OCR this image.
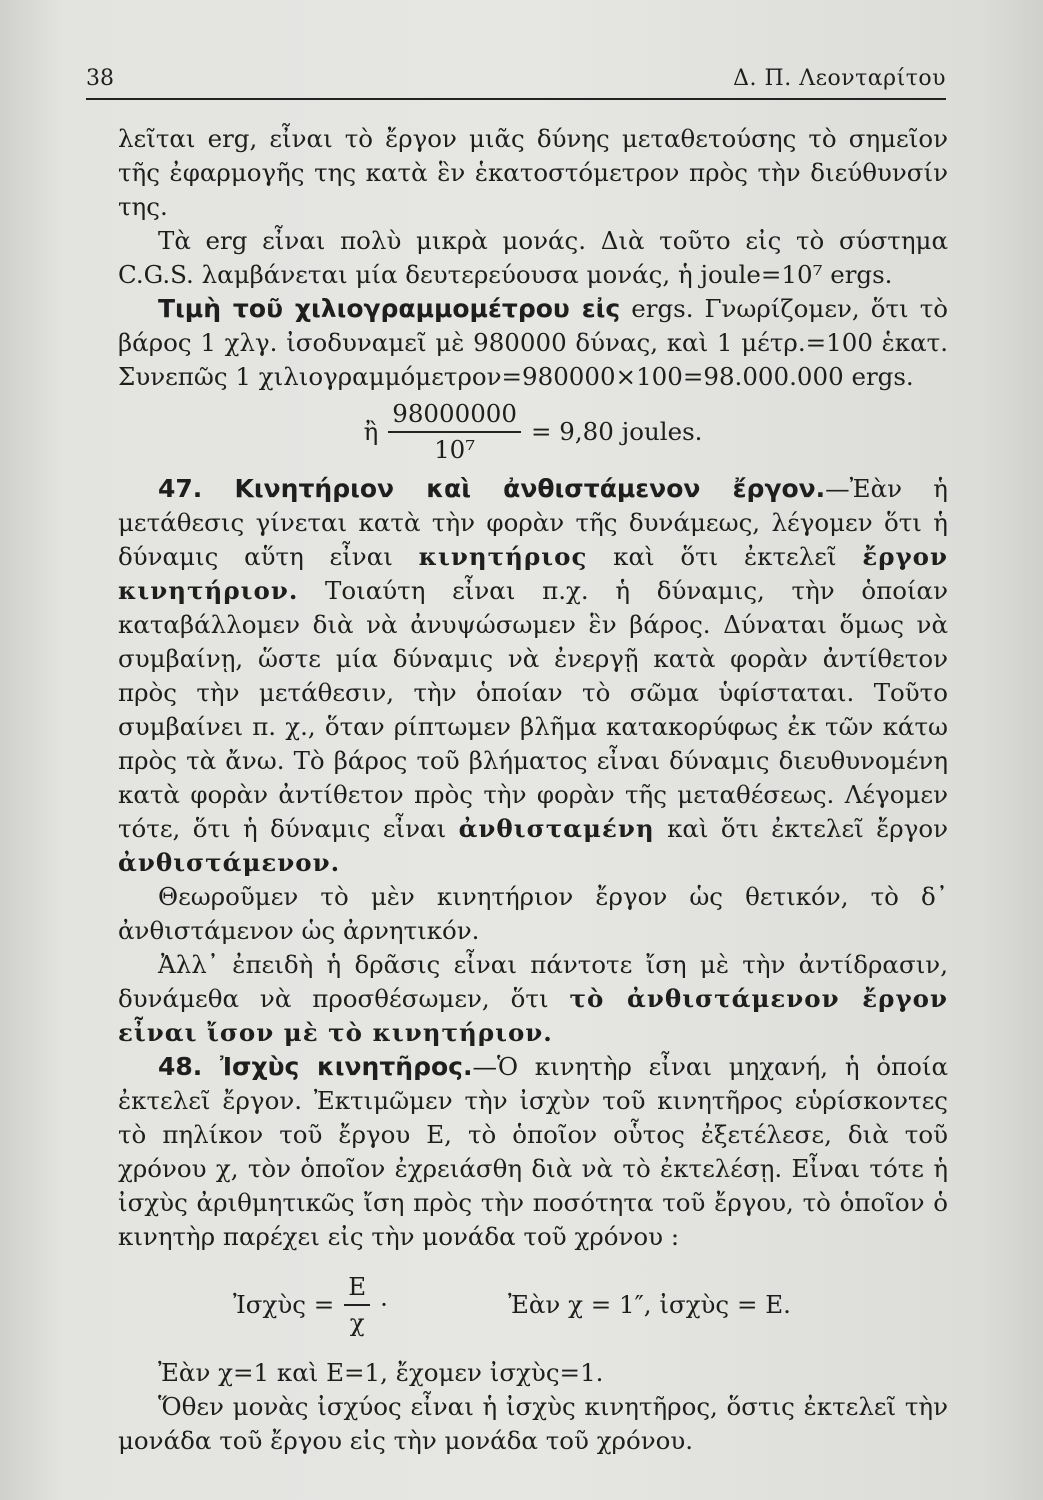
38	Δ. Π. Λεονταρίτου

λεῖται erg, εἶναι τὸ ἔργον μιᾶς δύνης μεταθετούσης τὸ σημεῖον τῆς ἐφαρμογῆς της κατὰ ἓν ἑκατοστόμετρον πρὸς τὴν διεύθυνσίν της.

Τὰ erg εἶναι πολὺ μικρὰ μονάς. Διὰ τοῦτο εἰς τὸ σύστημα C.G.S. λαμβάνεται μία δευτερεύουσα μονάς, ἡ joule=10⁷ ergs.

Τιμὴ τοῦ χιλιογραμμομέτρου εἰς ergs. Γνωρίζομεν, ὅτι τὸ βάρος 1 χλγ. ἰσοδυναμεῖ μὲ 980000 δύνας, καὶ 1 μέτρ.=100 ἑκατ. Συνεπῶς 1 χιλιογραμμόμετρον=980000×100=98.000.000 ergs.

ἢ $\frac{98000000}{\text{10⁷}} = 9,80$ joules.

47. Κινητήριον καὶ ἀνθιστάμενον ἔργον.—Ἐὰν ἡ μετάθεσις γίνεται κατὰ τὴν φορὰν τῆς δυνάμεως, λέγομεν ὅτι ἡ δύναμις αὕτη εἶναι κινητήριος καὶ ὅτι ἐκτελεῖ ἔργον κινητήριον. Τοιαύτη εἶναι π.χ. ἡ δύναμις, τὴν ὁποίαν καταβάλλομεν διὰ νὰ ἀνυψώσωμεν ἓν βάρος. Δύναται ὅμως νὰ συμβαίνῃ, ὥστε μία δύναμις νὰ ἐνεργῇ κατὰ φορὰν ἀντίθετον πρὸς τὴν μετάθεσιν, τὴν ὁποίαν τὸ σῶμα ὑφίσταται. Τοῦτο συμβαίνει π. χ., ὅταν ρίπτωμεν βλῆμα κατακορύφως ἐκ τῶν κάτω πρὸς τὰ ἄνω. Τὸ βάρος τοῦ βλήματος εἶναι δύναμις διευθυνομένη κατὰ φορὰν ἀντίθετον πρὸς τὴν φορὰν τῆς μεταθέσεως. Λέγομεν τότε, ὅτι ἡ δύναμις εἶναι ἀνθισταμένη καὶ ὅτι ἐκτελεῖ ἔργον ἀνθιστάμενον.

Θεωροῦμεν τὸ μὲν κινητήριον ἔργον ὡς θετικόν, τὸ δ᾽ ἀνθιστάμενον ὡς ἀρνητικόν.

Ἀλλ᾽ ἐπειδὴ ἡ δρᾶσις εἶναι πάντοτε ἴση μὲ τὴν ἀντίδρασιν, δυνάμεθα νὰ προσθέσωμεν, ὅτι τὸ ἀνθιστάμενον ἔργον εἶναι ἴσον μὲ τὸ κινητήριον.

48. Ἰσχὺς κινητῆρος.—Ὁ κινητὴρ εἶναι μηχανή, ἡ ὁποία ἐκτελεῖ ἔργον. Ἐκτιμῶμεν τὴν ἰσχὺν τοῦ κινητῆρος εὑρίσκοντες τὸ πηλίκον τοῦ ἔργου E, τὸ ὁποῖον οὗτος ἐξετέλεσε, διὰ τοῦ χρόνου χ, τὸν ὁποῖον ἐχρειάσθη διὰ νὰ τὸ ἐκτελέσῃ. Εἶναι τότε ἡ ἰσχὺς ἀριθμητικῶς ἴση πρὸς τὴν ποσότητα τοῦ ἔργου, τὸ ὁποῖον ὁ κινητὴρ παρέχει εἰς τὴν μονάδα τοῦ χρόνου :

Ἰσχὺς = $\frac{E}{\chi}$ ·	Ἐὰν χ = 1″, ἰσχὺς = E.

Ἐὰν χ=1 καὶ E=1, ἔχομεν ἰσχὺς=1.

Ὅθεν μονὰς ἰσχύος εἶναι ἡ ἰσχὺς κινητῆρος, ὅστις ἐκτελεῖ τὴν μονάδα τοῦ ἔργου εἰς τὴν μονάδα τοῦ χρόνου.
